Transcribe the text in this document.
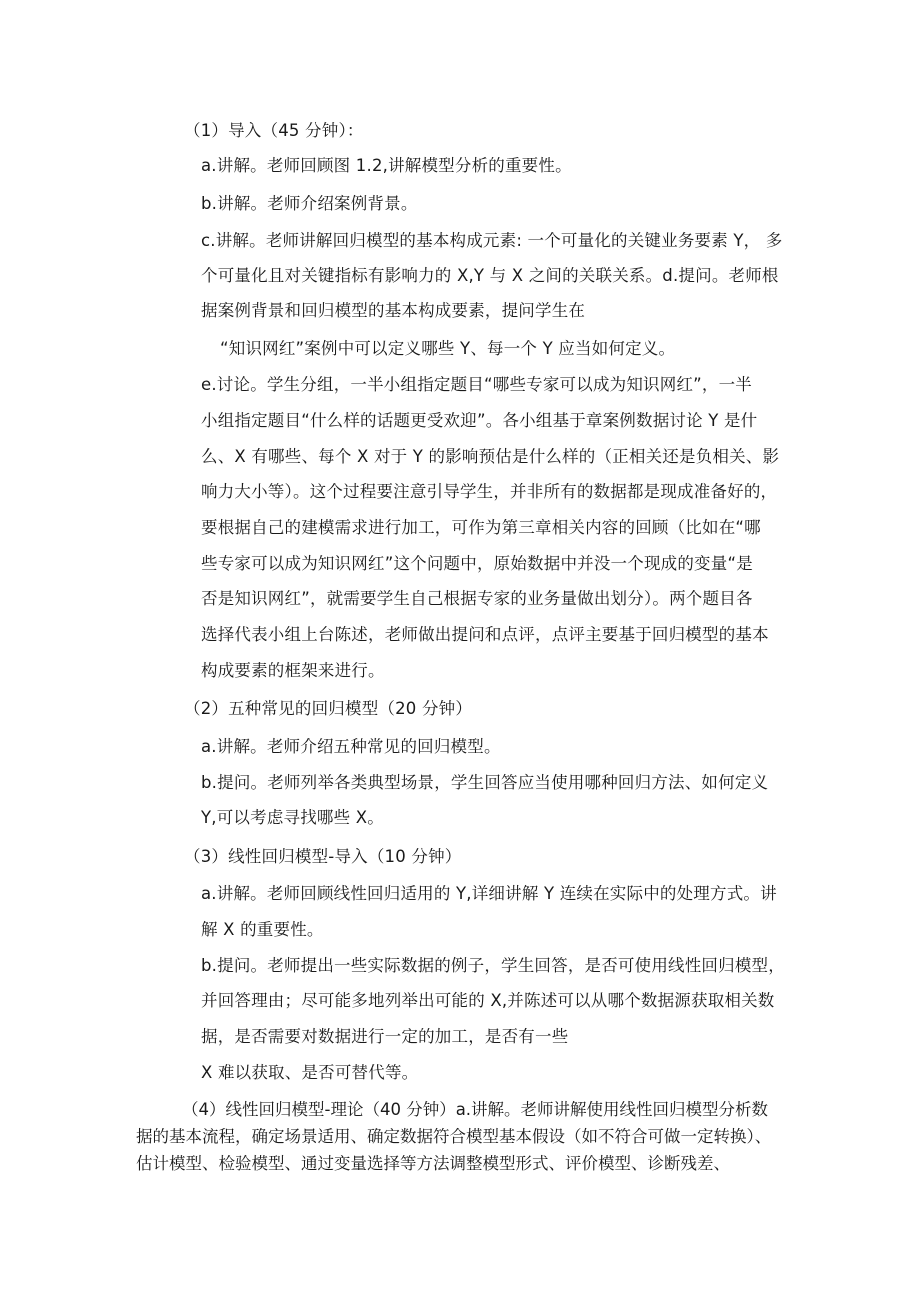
（1）导入（45 分钟）：
a.讲解。老师回顾图 1.2,讲解模型分析的重要性。
b.讲解。老师介绍案例背景。
c.讲解。老师讲解回归模型的基本构成元素: 一个可量化的关键业务要素 Y， 多
个可量化且对关键指标有影响力的 X,Y 与 X 之间的关联关系。d.提问。老师根
据案例背景和回归模型的基本构成要素，提问学生在
“知识网红”案例中可以定义哪些 Y、每一个 Y 应当如何定义。
e.讨论。学生分组，一半小组指定题目“哪些专家可以成为知识网红”，一半
小组指定题目“什么样的话题更受欢迎”。各小组基于章案例数据讨论 Y 是什
么、X 有哪些、每个 X 对于 Y 的影响预估是什么样的（正相关还是负相关、影
响力大小等）。这个过程要注意引导学生，并非所有的数据都是现成准备好的，
要根据自己的建模需求进行加工，可作为第三章相关内容的回顾（比如在“哪
些专家可以成为知识网红”这个问题中，原始数据中并没一个现成的变量“是
否是知识网红”，就需要学生自己根据专家的业务量做出划分）。两个题目各
选择代表小组上台陈述，老师做出提问和点评，点评主要基于回归模型的基本
构成要素的框架来进行。
（2）五种常见的回归模型（20 分钟）
a.讲解。老师介绍五种常见的回归模型。
b.提问。老师列举各类典型场景，学生回答应当使用哪种回归方法、如何定义
Y,可以考虑寻找哪些 X。
（3）线性回归模型-导入（10 分钟）
a.讲解。老师回顾线性回归适用的 Y,详细讲解 Y 连续在实际中的处理方式。讲
解 X 的重要性。
b.提问。老师提出一些实际数据的例子，学生回答，是否可使用线性回归模型，
并回答理由；尽可能多地列举出可能的 X,并陈述可以从哪个数据源获取相关数
据，是否需要对数据进行一定的加工，是否有一些
X 难以获取、是否可替代等。
（4）线性回归模型-理论（40 分钟）a.讲解。老师讲解使用线性回归模型分析数
据的基本流程，确定场景适用、确定数据符合模型基本假设（如不符合可做一定转换）、
估计模型、检验模型、通过变量选择等方法调整模型形式、评价模型、诊断残差、
